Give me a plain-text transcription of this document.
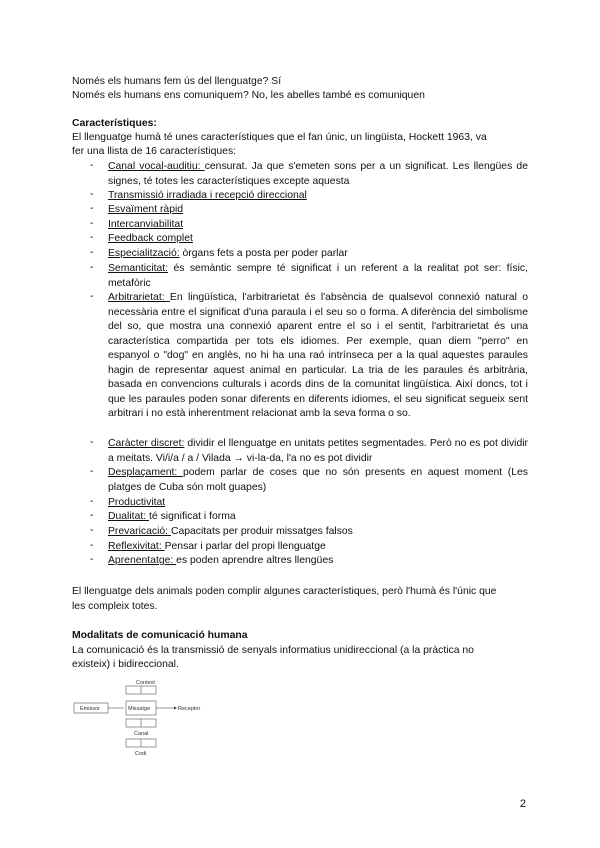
Només els humans fem ús del llenguatge? Sí
Només els humans ens comuniquem? No, les abelles també es comuniquen
Característiques:
El llenguatge humà té unes característiques que el fan únic, un lingüista, Hockett 1963, va
fer una llista de 16 característiques:
- Canal vocal-auditiu: censurat. Ja que s'emeten sons per a un significat. Les llengües de signes, té totes les característiques excepte aquesta

- Transmissió irradiada i recepció direccional

- Esvaïment ràpid

- Intercanviabilitat

- Feedback complet

- Especialització: òrgans fets a posta per poder parlar

- Semanticitat: és semàntic sempre té significat i un referent a la realitat pot ser: físic, metafòric

- Arbitrarietat: En lingüística, l'arbitrarietat és l'absència de qualsevol connexió natural o necessària entre el significat d'una paraula i el seu so o forma. A diferència del simbolisme del so, que mostra una connexió aparent entre el so i el sentit, l'arbitrarietat és una característica compartida per tots els idiomes. Per exemple, quan diem "perro" en espanyol o "dog" en anglès, no hi ha una raó intrínseca per a la qual aquestes paraules hagin de representar aquest animal en particular. La tria de les paraules és arbitrària, basada en convencions culturals i acords dins de la comunitat lingüística. Així doncs, tot i que les paraules poden sonar diferents en diferents idiomes, el seu significat segueix sent arbitrari i no està inherentment relacionat amb la seva forma o so.

- Caràcter discret: dividir el llenguatge en unitats petites segmentades. Però no es pot dividir a meitats. Vi/i/a / a / Vilada → vi-la-da, l'a no es pot dividir

- Desplaçament: podem parlar de coses que no són presents en aquest moment (Les platges de Cuba són molt guapes)

- Productivitat

- Dualitat: té significat i forma

- Prevaricació: Capacitats per produir missatges falsos

- Reflexivitat: Pensar i parlar del propi llenguatge

- Aprenentatge: es poden aprendre altres llengües

El llenguatge dels animals poden complir algunes característiques, però l'humà és l'únic que
les compleix totes.
Modalitats de comunicació humana
La comunicació és la transmissió de senyals informatius unidireccional (a la pràctica no
existeix) i bidireccional.
Context
Emissor	Missatge	Receptor
Canal
Codi
2
